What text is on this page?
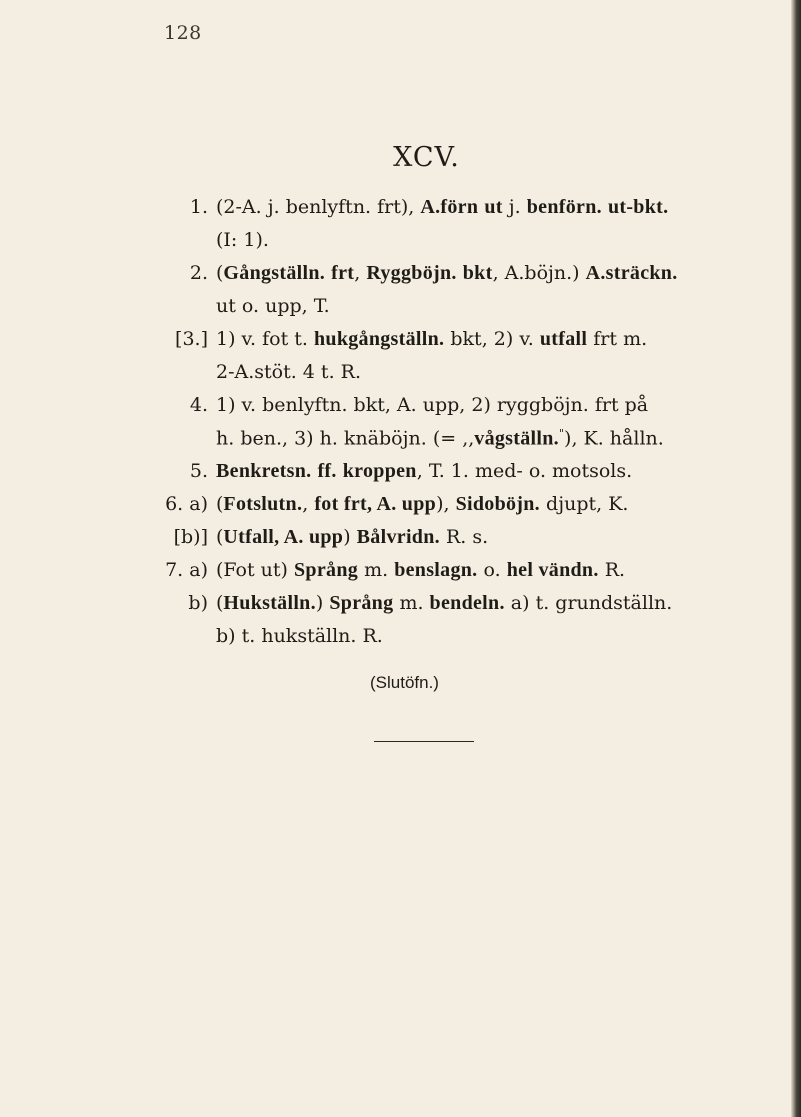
128
XCV.
1. (2-A. j. benlyftn. frt), A.förn ut j. benförn. ut-bkt.
(I: 1).
2. (Gångställn. frt, Ryggböjn. bkt, A.böjn.) A.sträckn.
ut o. upp, T.
[3.] 1) v. fot t. hukgångställn. bkt, 2) v. utfall frt m.
2-A.stöt. 4 t. R.
4. 1) v. benlyftn. bkt, A. upp, 2) ryggböjn. frt på
h. ben., 3) h. knäböjn. (= ,,vågställn."), K. hålln.
5. Benkretsn. ff. kroppen, T. 1. med- o. motsols.
6. a) (Fotslutn., fot frt, A. upp), Sidoböjn. djupt, K.
[b)] (Utfall, A. upp) Bålvridn. R. s.
7. a) (Fot ut) Språng m. benslagn. o. hel vändn. R.
b) (Hukställn.) Språng m. bendeln. a) t. grundställn.
b) t. hukställn. R.
(Slutöfn.)
